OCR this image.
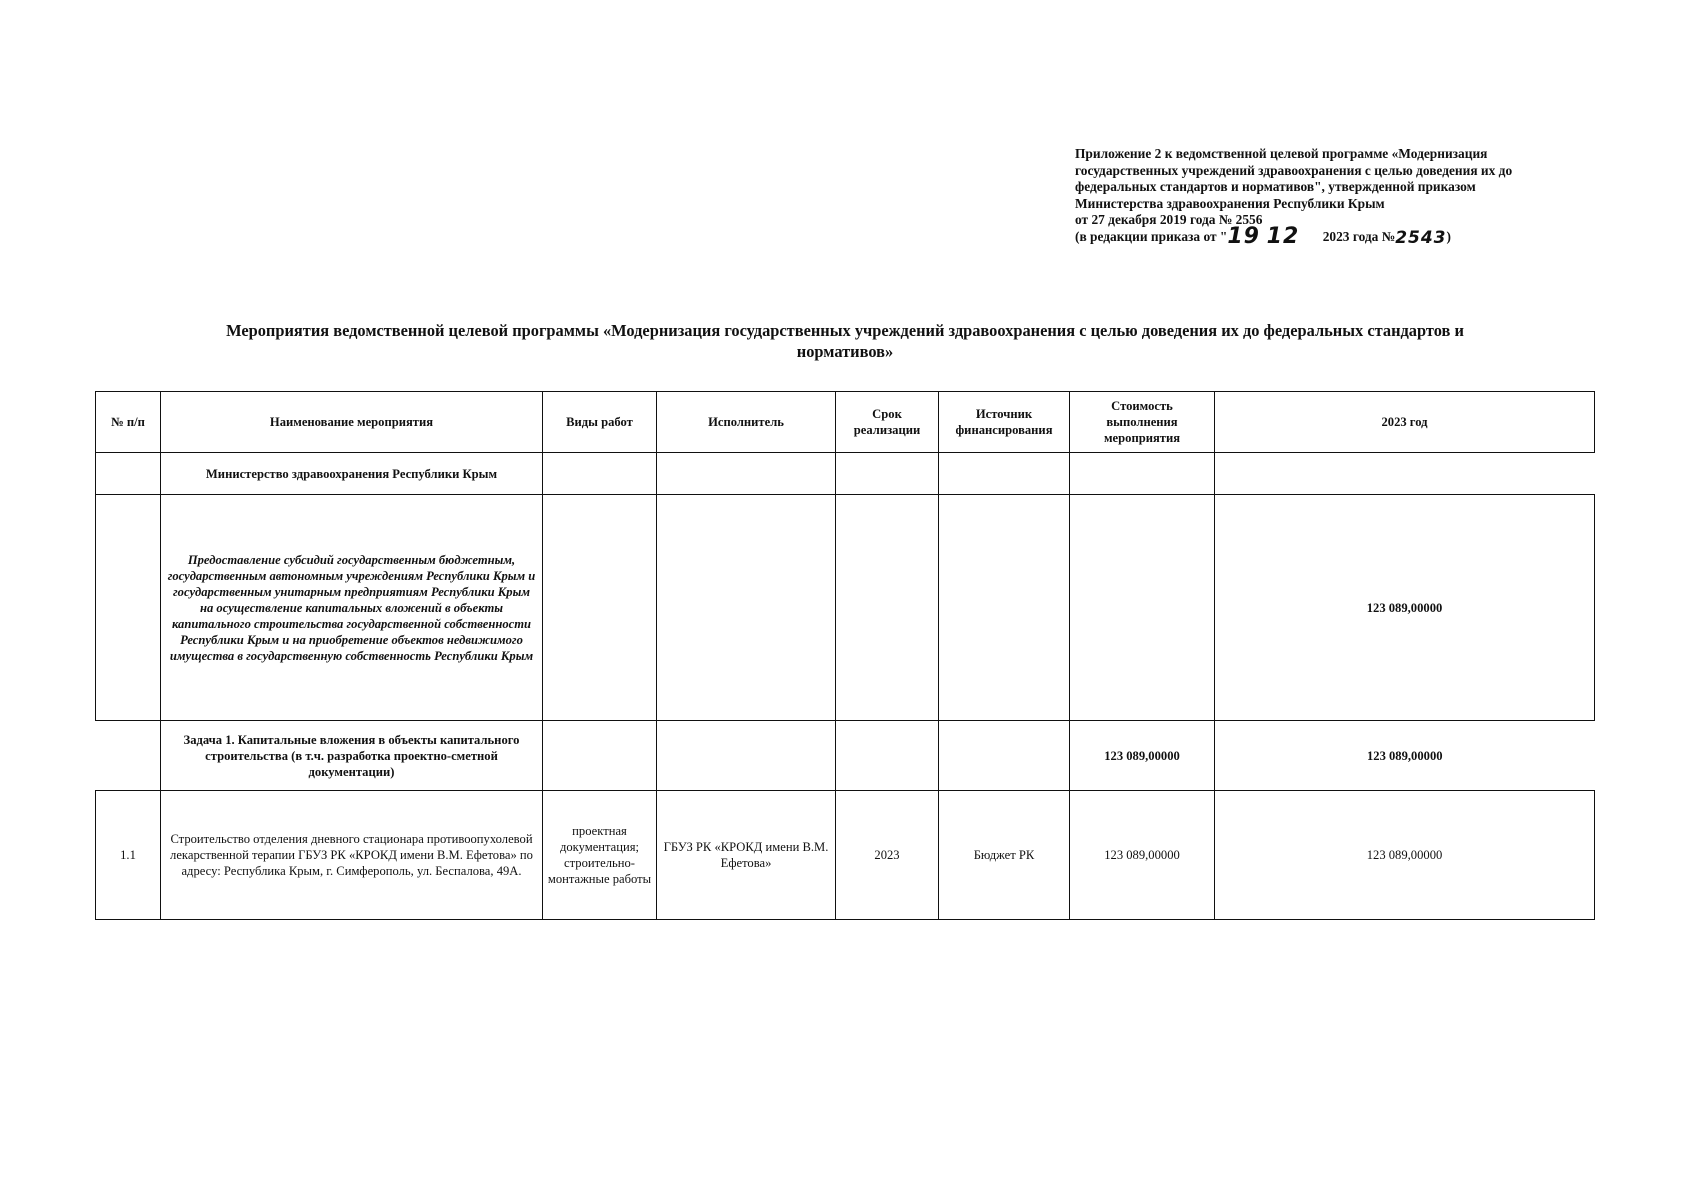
Приложение 2 к ведомственной целевой программе «Модернизация
государственных учреждений здравоохранения с целью доведения их до
федеральных стандартов и нормативов", утвержденной приказом
Министерства здравоохранения Республики Крым
от 27 декабря 2019 года № 2556
(в редакции приказа от "19 12 2023 года №2543)
Мероприятия ведомственной целевой программы «Модернизация государственных учреждений здравоохранения с целью доведения их до федеральных стандартов и
нормативов»
№ п/п	Наименование мероприятия	Виды работ	Исполнитель	Срок реализации	Источник финансирования	Стоимость выполнения мероприятия	2023 год
	Министерство здравоохранения Республики Крым						
	Предоставление субсидий государственным бюджетным, государственным автономным учреждениям Республики Крым и государственным унитарным предприятиям Республики Крым на осуществление капитальных вложений в объекты капитального строительства государственной собственности Республики Крым и на приобретение объектов недвижимого имущества в государственную собственность Республики Крым						123 089,00000
	Задача 1. Капитальные вложения в объекты капитального строительства (в т.ч. разработка проектно-сметной документации)					123 089,00000	123 089,00000
1.1	Строительство отделения дневного стационара противоопухолевой лекарственной терапии ГБУЗ РК «КРОКД имени В.М. Ефетова» по адресу: Республика Крым, г. Симферополь, ул. Беспалова, 49А.	проектная документация; строительно-монтажные работы	ГБУЗ РК «КРОКД имени В.М. Ефетова»	2023	Бюджет РК	123 089,00000	123 089,00000
